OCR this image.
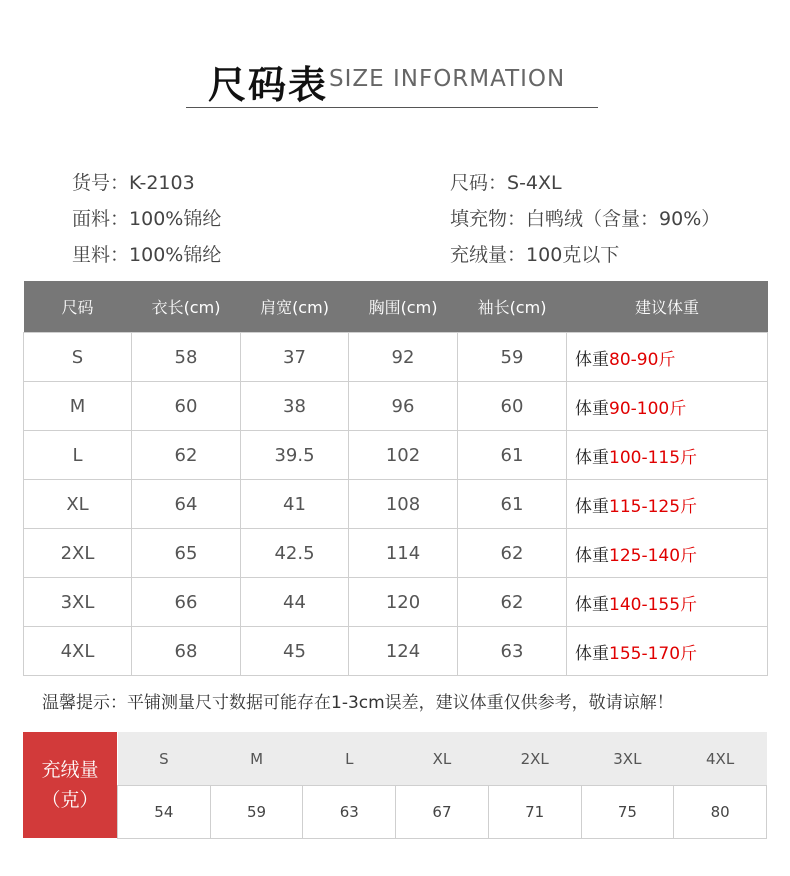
尺码表 SIZE INFORMATION
货号：K-2103
面料：100%锦纶
里料：100%锦纶
尺码：S-4XL
填充物：白鸭绒（含量：90%）
充绒量：100克以下
尺码	衣长(cm)	肩宽(cm)	胸围(cm)	袖长(cm)	建议体重
S	58	37	92	59	体重80-90斤
M	60	38	96	60	体重90-100斤
L	62	39.5	102	61	体重100-115斤
XL	64	41	108	61	体重115-125斤
2XL	65	42.5	114	62	体重125-140斤
3XL	66	44	120	62	体重140-155斤
4XL	68	45	124	63	体重155-170斤
温馨提示：平铺测量尺寸数据可能存在1-3cm误差，建议体重仅供参考，敬请谅解！
充绒量
（克）
S	M	L	XL	2XL	3XL	4XL
54	59	63	67	71	75	80
